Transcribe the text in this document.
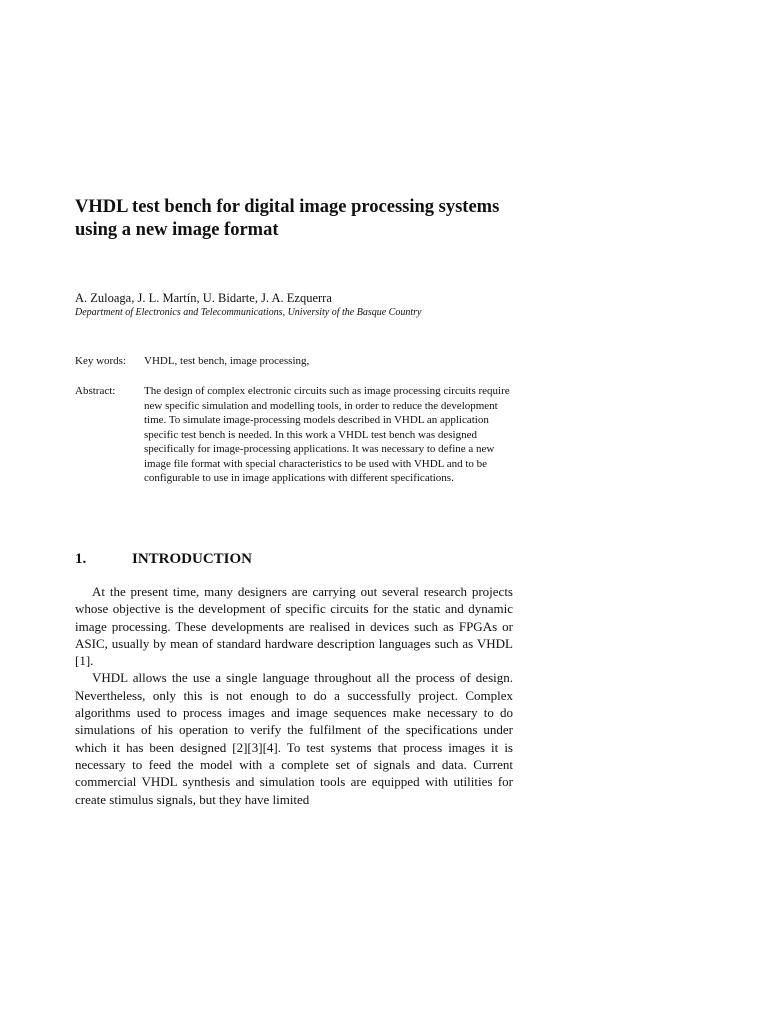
VHDL test bench for digital image processing systems using a new image format
A. Zuloaga, J. L. Martín, U. Bidarte, J. A. Ezquerra
Department of Electronics and Telecommunications, University of the Basque Country
Key words: VHDL, test bench, image processing,
Abstract:	The design of complex electronic circuits such as image processing circuits require new specific simulation and modelling tools, in order to reduce the development time. To simulate image-processing models described in VHDL an application specific test bench is needed. In this work a VHDL test bench was designed specifically for image-processing applications. It was necessary to define a new image file format with special characteristics to be used with VHDL and to be configurable to use in image applications with different specifications.

1.	INTRODUCTION

At the present time, many designers are carrying out several research projects whose objective is the development of specific circuits for the static and dynamic image processing. These developments are realised in devices such as FPGAs or ASIC, usually by mean of standard hardware description languages such as VHDL [1].

VHDL allows the use a single language throughout all the process of design. Nevertheless, only this is not enough to do a successfully project. Complex algorithms used to process images and image sequences make necessary to do simulations of his operation to verify the fulfilment of the specifications under which it has been designed [2][3][4]. To test systems that process images it is necessary to feed the model with a complete set of signals and data. Current commercial VHDL synthesis and simulation tools are equipped with utilities for create stimulus signals, but they have limited
